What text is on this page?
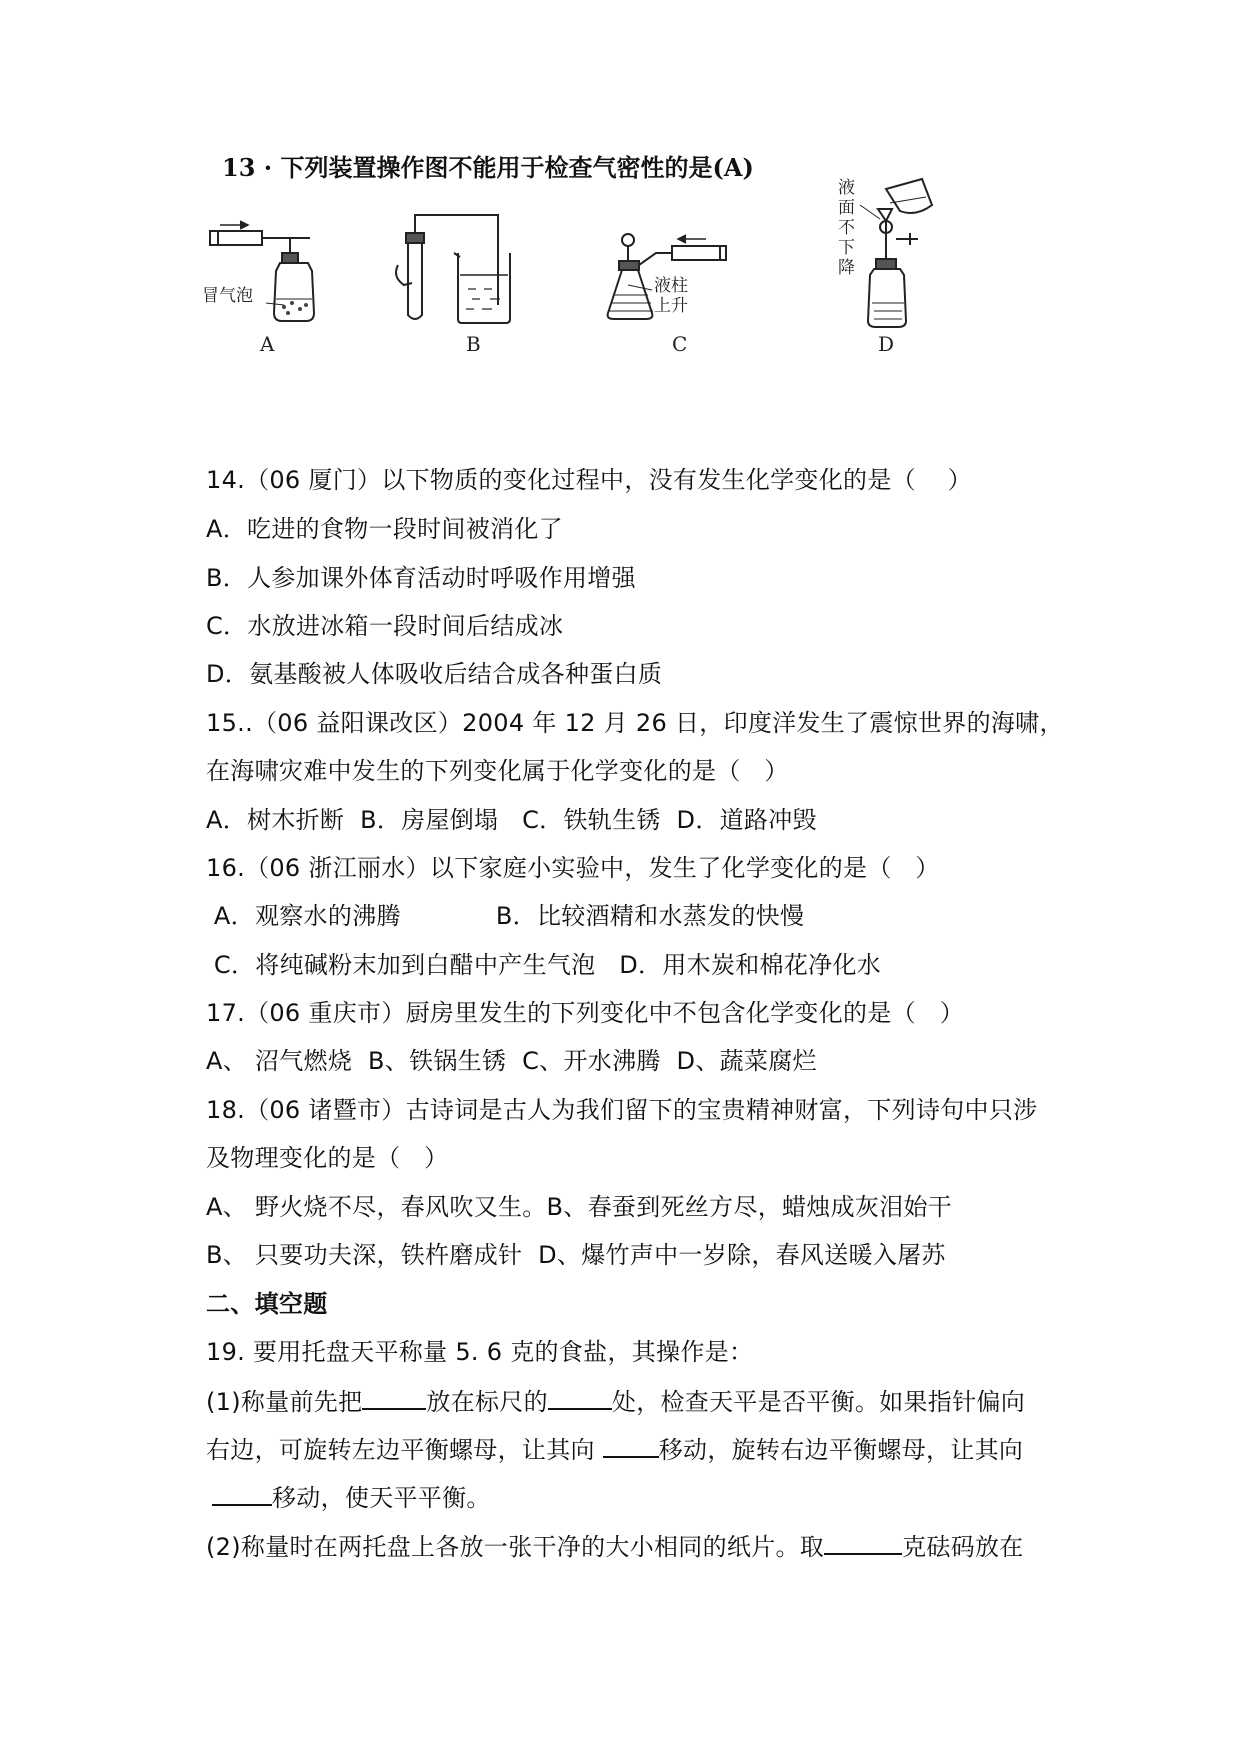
13 · 下列装置操作图不能用于检查气密性的是(A)
冒气泡
A	B
液柱
上升
C
液
面
不
下
降
D
14.（06 厦门）以下物质的变化过程中，没有发生化学变化的是（    ）
A．吃进的食物一段时间被消化了
B．人参加课外体育活动时呼吸作用增强
C．水放进冰箱一段时间后结成冰
D．氨基酸被人体吸收后结合成各种蛋白质
15..（06 益阳课改区）2004 年 12 月 26 日，印度洋发生了震惊世界的海啸，
在海啸灾难中发生的下列变化属于化学变化的是（   ）
A．树木折断  B．房屋倒塌   C．铁轨生锈  D．道路冲毁
16.（06 浙江丽水）以下家庭小实验中，发生了化学变化的是（   ）
A．观察水的沸腾            B．比较酒精和水蒸发的快慢
C．将纯碱粉末加到白醋中产生气泡   D．用木炭和棉花净化水
17.（06 重庆市）厨房里发生的下列变化中不包含化学变化的是（   ）
A、 沼气燃烧  B、铁锅生锈  C、开水沸腾  D、蔬菜腐烂
18.（06 诸暨市）古诗词是古人为我们留下的宝贵精神财富，下列诗句中只涉
及物理变化的是（   ）
A、 野火烧不尽，春风吹又生。B、春蚕到死丝方尽，蜡烛成灰泪始干
B、 只要功夫深，铁杵磨成针  D、爆竹声中一岁除，春风送暖入屠苏
二、填空题
19. 要用托盘天平称量 5. 6 克的食盐，其操作是：
(1)称量前先把	放在标尺的	处，检查天平是否平衡。如果指针偏向
右边，可旋转左边平衡螺母，让其向 移动，旋转右边平衡螺母，让其向
移动，使天平平衡。
(2)称量时在两托盘上各放一张干净的大小相同的纸片。取	克砝码放在
